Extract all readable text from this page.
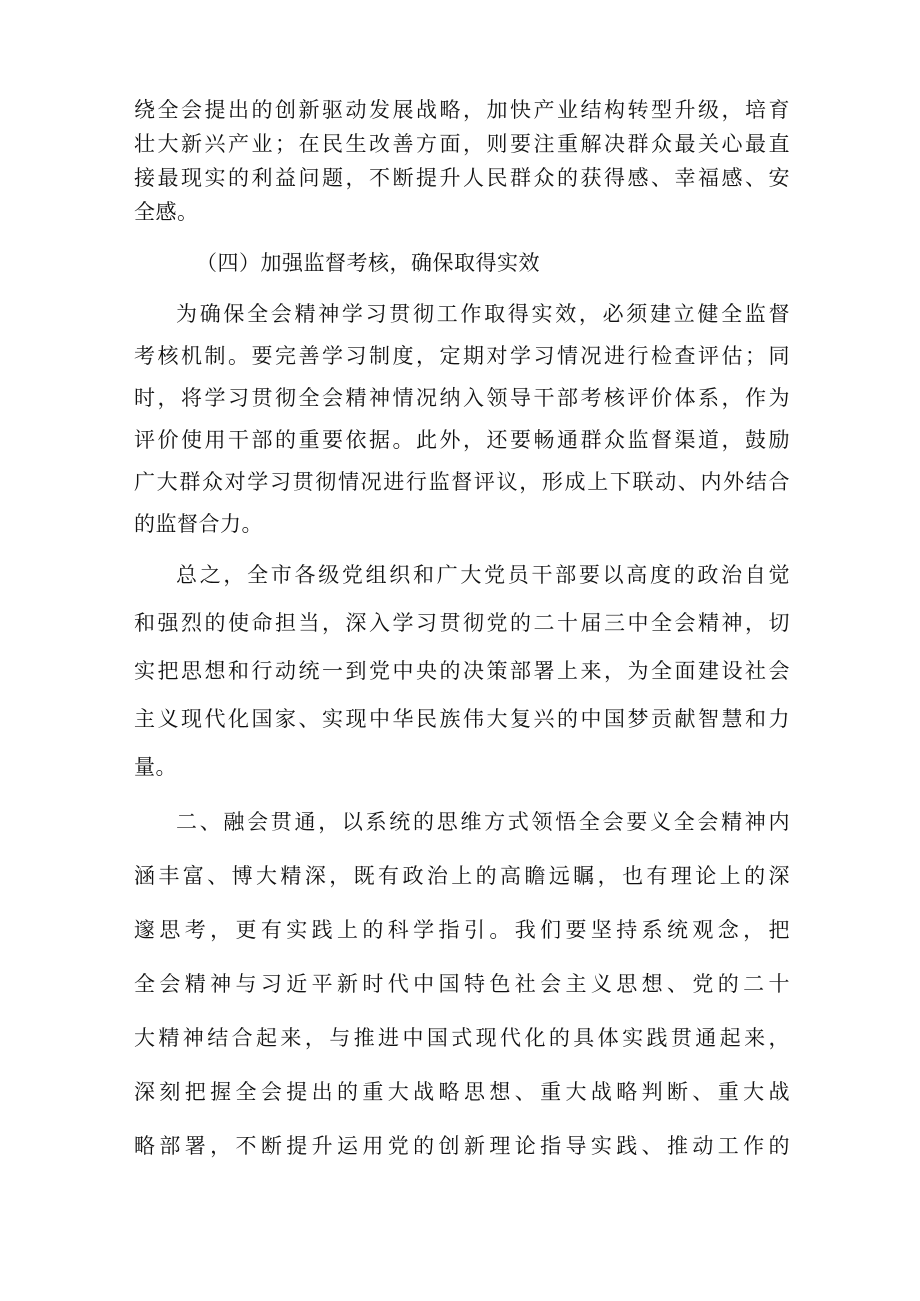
绕全会提出的创新驱动发展战略，加快产业结构转型升级，培育
壮大新兴产业；在民生改善方面，则要注重解决群众最关心最直
接最现实的利益问题，不断提升人民群众的获得感、幸福感、安
全感。
（四）加强监督考核，确保取得实效
为确保全会精神学习贯彻工作取得实效，必须建立健全监督
考核机制。要完善学习制度，定期对学习情况进行检查评估；同
时，将学习贯彻全会精神情况纳入领导干部考核评价体系，作为
评价使用干部的重要依据。此外，还要畅通群众监督渠道，鼓励
广大群众对学习贯彻情况进行监督评议，形成上下联动、内外结合
的监督合力。
总之，全市各级党组织和广大党员干部要以高度的政治自觉
和强烈的使命担当，深入学习贯彻党的二十届三中全会精神，切
实把思想和行动统一到党中央的决策部署上来，为全面建设社会
主义现代化国家、实现中华民族伟大复兴的中国梦贡献智慧和力
量。
二、融会贯通，以系统的思维方式领悟全会要义全会精神内
涵丰富、博大精深，既有政治上的高瞻远瞩，也有理论上的深
邃思考，更有实践上的科学指引。我们要坚持系统观念，把
全会精神与习近平新时代中国特色社会主义思想、党的二十
大精神结合起来，与推进中国式现代化的具体实践贯通起来，
深刻把握全会提出的重大战略思想、重大战略判断、重大战
略部署，不断提升运用党的创新理论指导实践、推动工作的
